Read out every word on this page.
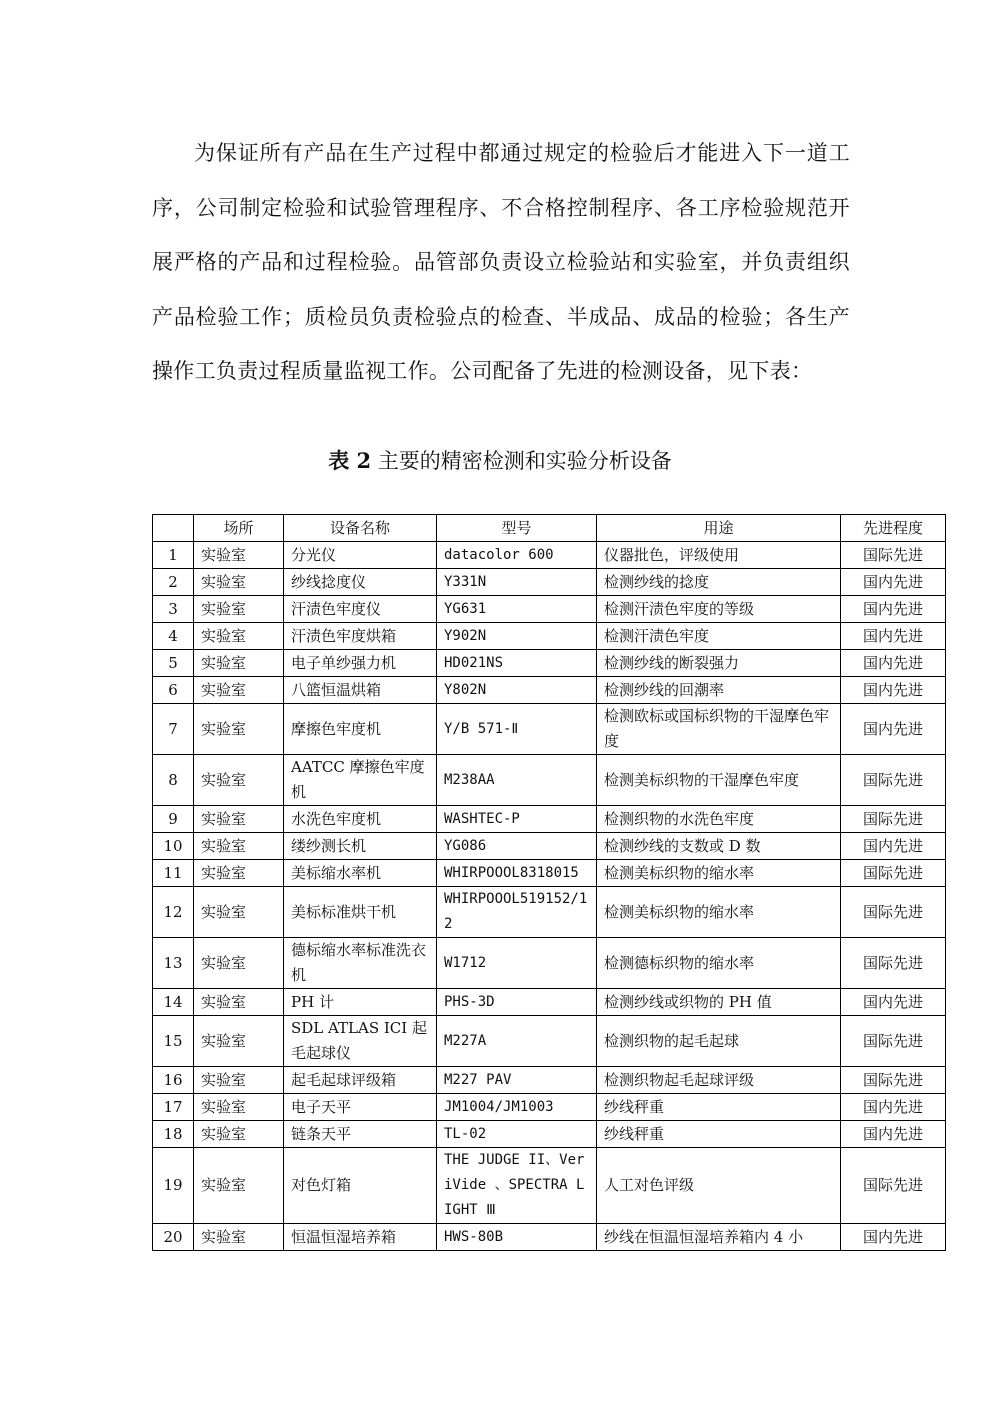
为保证所有产品在生产过程中都通过规定的检验后才能进入下一道工序，公司制定检验和试验管理程序、不合格控制程序、各工序检验规范开展严格的产品和过程检验。品管部负责设立检验站和实验室，并负责组织产品检验工作；质检员负责检验点的检查、半成品、成品的检验；各生产操作工负责过程质量监视工作。公司配备了先进的检测设备，见下表：

表 2 主要的精密检测和实验分析设备
	场所	设备名称	型号	用途	先进程度
1	实验室	分光仪	datacolor 600	仪器批色，评级使用	国际先进
2	实验室	纱线捻度仪	Y331N	检测纱线的捻度	国内先进
3	实验室	汗渍色牢度仪	YG631	检测汗渍色牢度的等级	国内先进
4	实验室	汗渍色牢度烘箱	Y902N	检测汗渍色牢度	国内先进
5	实验室	电子单纱强力机	HD021NS	检测纱线的断裂强力	国内先进
6	实验室	八篮恒温烘箱	Y802N	检测纱线的回潮率	国内先进
7	实验室	摩擦色牢度机	Y/B 571-Ⅱ	检测欧标或国标织物的干湿摩色牢度	国内先进
8	实验室	AATCC 摩擦色牢度机	M238AA	检测美标织物的干湿摩色牢度	国际先进
9	实验室	水洗色牢度机	WASHTEC-P	检测织物的水洗色牢度	国际先进
10	实验室	缕纱测长机	YG086	检测纱线的支数或 D 数	国内先进
11	实验室	美标缩水率机	WHIRPOOOL8318015	检测美标织物的缩水率	国际先进
12	实验室	美标标准烘干机	WHIRPOOOL519152/12	检测美标织物的缩水率	国际先进
13	实验室	德标缩水率标准洗衣机	W1712	检测德标织物的缩水率	国际先进
14	实验室	PH 计	PHS-3D	检测纱线或织物的 PH 值	国内先进
15	实验室	SDL ATLAS ICI 起毛起球仪	M227A	检测织物的起毛起球	国际先进
16	实验室	起毛起球评级箱	M227 PAV	检测织物起毛起球评级	国际先进
17	实验室	电子天平	JM1004/JM1003	纱线秤重	国内先进
18	实验室	链条天平	TL-02	纱线秤重	国内先进
19	实验室	对色灯箱	THE JUDGE II、VeriVide 、SPECTRA LIGHT Ⅲ	人工对色评级	国际先进
20	实验室	恒温恒湿培养箱	HWS-80B	纱线在恒温恒湿培养箱内 4 小	国内先进
